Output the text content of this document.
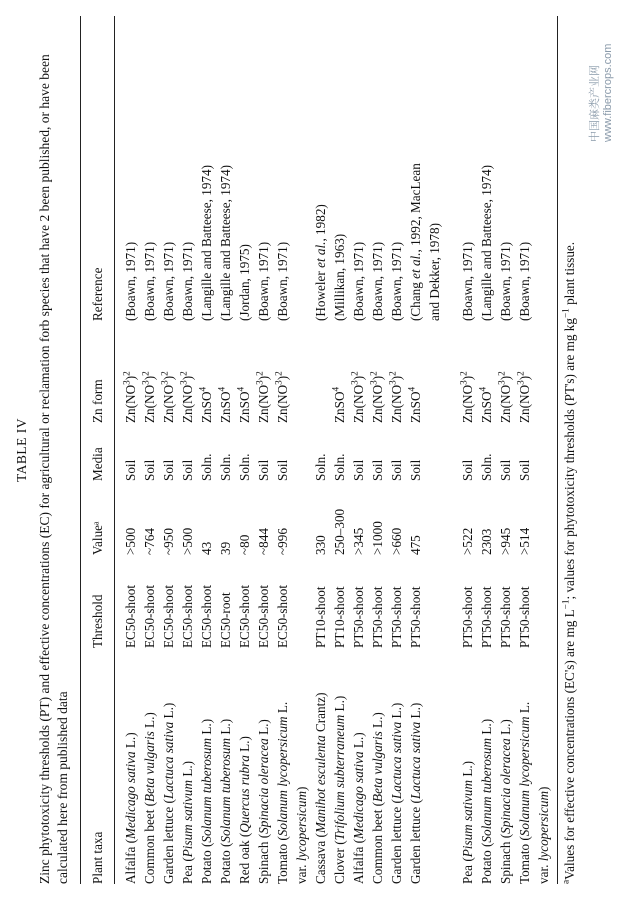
TABLE IV Zinc phytotoxicity thresholds (PT) and effective concentrations (EC) for agricultural or reclamation forb species that have 2 been published, or have been calculated here from published data Plant taxa	Threshold	Valueᵃ	Media	Zn form	Reference
Alfalfa (Medicago sativa L.)	EC50-shoot	>500	Soil	$Zn(NO^3)^2$	(Boawn, 1971)
Common beet (Beta vulgaris L.)	EC50-shoot	~764	Soil	$Zn(NO^3)^2$	(Boawn, 1971)
Garden lettuce (Lactuca sativa L.)	EC50-shoot	~950	Soil	$Zn(NO^3)^2$	(Boawn, 1971)
Pea (Pisum sativum L.)	EC50-shoot	>500	Soil	$Zn(NO^3)^2$	(Boawn, 1971)
Potato (Solanum tuberosum L.)	EC50-shoot	43	Soln.	ZnSO$^4$	(Langille and Batteese, 1974)
Potato (Solanum tuberosum L.)	EC50-root	39	Soln.	ZnSO$^4$	(Langille and Batteese, 1974)
Red oak (Quercus rubra L.)	EC50-shoot	~80	Soln.	ZnSO$^4$	(Jordan, 1975)
Spinach (Spinacia oleracea L.)	EC50-shoot	~844	Soil	$Zn(NO^3)^2$	(Boawn, 1971)
Tomato (Solanum lycopersicum L.
var. lycopersicum)	EC50-shoot	~996	Soil	$Zn(NO^3)^2$	(Boawn, 1971)
Cassava (Manihot esculenta Crantz)	PT10-shoot	330	Soln.		(Howeler et al., 1982)
Clover (Trifolium subterraneum L.)	PT10-shoot	250–300	Soln.	ZnSO$^4$	(Millikan, 1963)
Alfalfa (Medicago sativa L.)	PT50-shoot	>345	Soil	$Zn(NO^3)^2$	(Boawn, 1971)
Common beet (Beta vulgaris L.)	PT50-shoot	>1000	Soil	$Zn(NO^3)^2$	(Boawn, 1971)
Garden lettuce (Lactuca sativa L.)	PT50-shoot	>660	Soil	$Zn(NO^3)^2$	(Boawn, 1971)
Garden lettuce (Lactuca sativa L.)	PT50-shoot	475	Soil	ZnSO$^4$	(Chang et al., 1992, MacLean
and Dekker, 1978)

Pea (Pisum sativum L.)	PT50-shoot	>522	Soil	$Zn(NO^3)^2$	(Boawn, 1971)
Potato (Solanum tuberosum L.)	PT50-shoot	2303	Soln.	ZnSO$^4$	(Langille and Batteese, 1974)
Spinach (Spinacia oleracea L.)	PT50-shoot	>945	Soil	$Zn(NO^3)^2$	(Boawn, 1971)
Tomato (Solanum lycopersicum L.
var. lycopersicum)	PT50-shoot	>514	Soil	$Zn(NO^3)^2$	(Boawn, 1971)
$^a$Values for effective concentrations (EC's) are mg $L^{-1}$; values for phytotoxicity thresholds (PT's) are mg $kg^{-1}$ plant tissue.
中国麻类产业网 www.fibercrops.com
